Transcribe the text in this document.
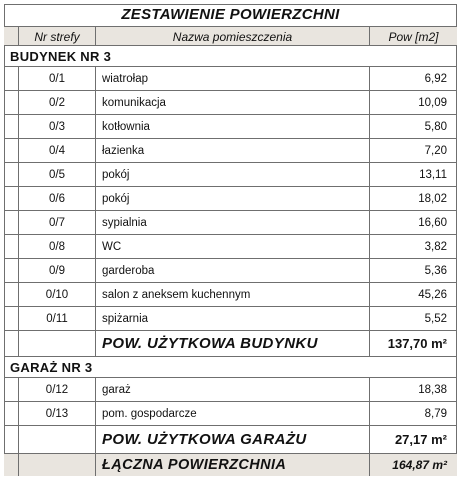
ZESTAWIENIE POWIERZCHNI
Nr strefy	Nazwa pomieszczenia	Pow [m2]
BUDYNEK NR 3
0/1	wiatrołap	6,92
0/2	komunikacja	10,09
0/3	kotłownia	5,80
0/4	łazienka	7,20
0/5	pokój	13,11
0/6	pokój	18,02
0/7	sypialnia	16,60
0/8	WC	3,82
0/9	garderoba	5,36
0/10	salon z aneksem kuchennym	45,26
0/11	spiżarnia	5,52
POW. UŻYTKOWA BUDYNKU	137,70 m²
GARAŻ NR 3
0/12	garaż	18,38
0/13	pom. gospodarcze	8,79
POW. UŻYTKOWA GARAŻU	27,17 m²
ŁĄCZNA POWIERZCHNIA	164,87 m²
